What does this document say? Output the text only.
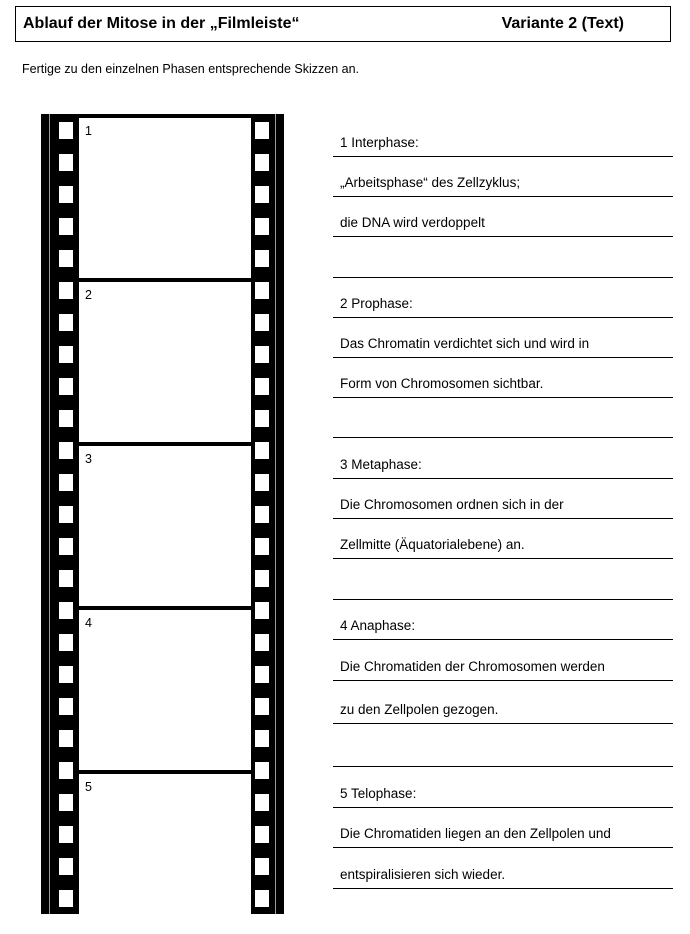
Ablauf der Mitose in der „Filmleiste“	Variante 2 (Text)
Fertige zu den einzelnen Phasen entsprechende Skizzen an.
1
2
3
4
5
1 Interphase:
„Arbeitsphase“ des Zellzyklus;
die DNA wird verdoppelt
2 Prophase:
Das Chromatin verdichtet sich und wird in
Form von Chromosomen sichtbar.
3 Metaphase:
Die Chromosomen ordnen sich in der
Zellmitte (Äquatorialebene) an.
4 Anaphase:
Die Chromatiden der Chromosomen werden
zu den Zellpolen gezogen.
5 Telophase:
Die Chromatiden liegen an den Zellpolen und
entspiralisieren sich wieder.
